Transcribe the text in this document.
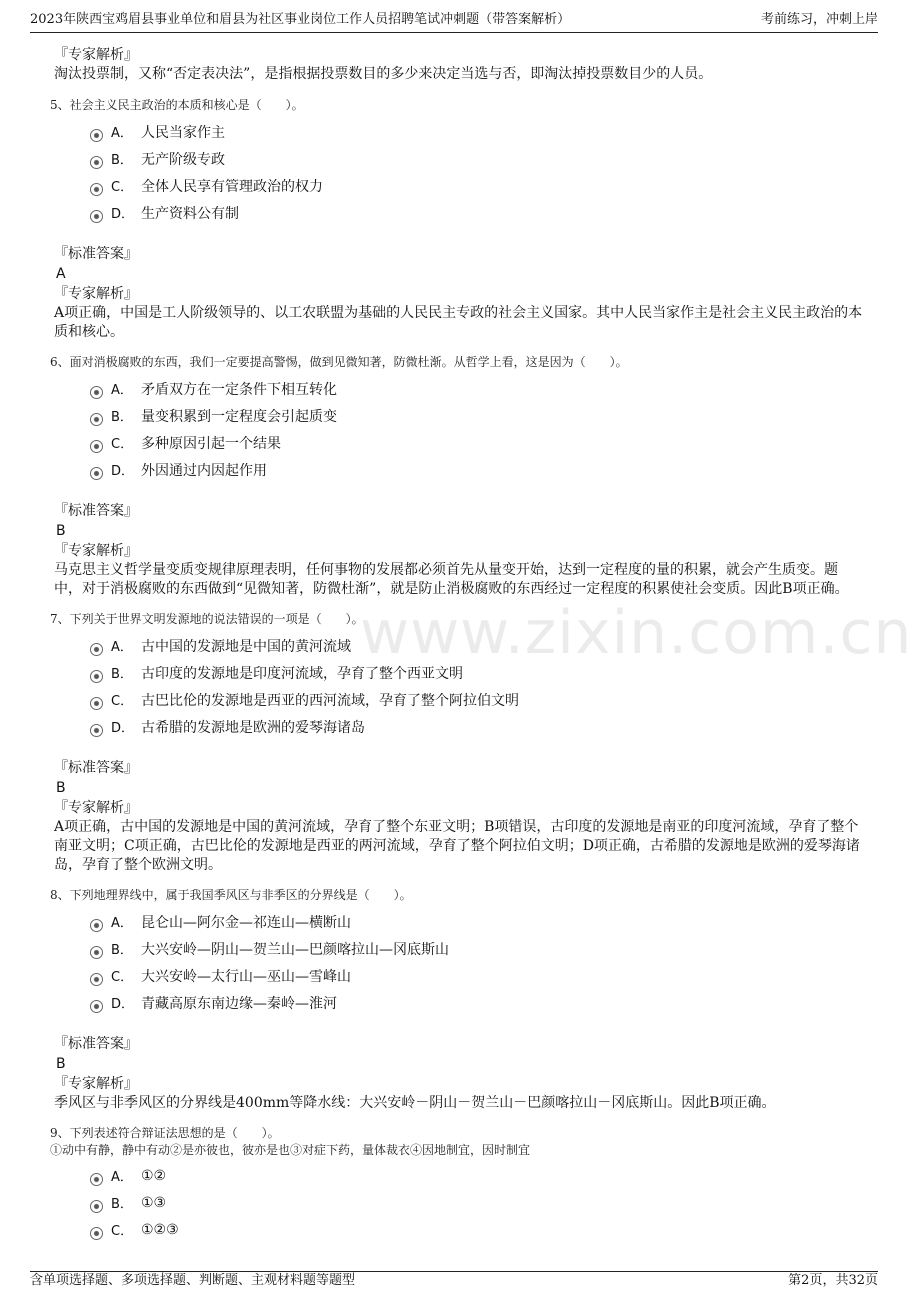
2023年陕西宝鸡眉县事业单位和眉县为社区事业岗位工作人员招聘笔试冲刺题（带答案解析）	考前练习，冲刺上岸
www.zixin.com.cn
『专家解析』
淘汰投票制，又称“否定表决法”，是指根据投票数目的多少来决定当选与否，即淘汰掉投票数目少的人员。
5、社会主义民主政治的本质和核心是（　　）。
A． 人民当家作主
B． 无产阶级专政
C． 全体人民享有管理政治的权力
D． 生产资料公有制
『标准答案』
A
『专家解析』
A项正确，中国是工人阶级领导的、以工农联盟为基础的人民民主专政的社会主义国家。其中人民当家作主是社会主义民主政治的本质和核心。
6、面对消极腐败的东西，我们一定要提高警惕，做到见微知著，防微杜渐。从哲学上看，这是因为（　　）。
A． 矛盾双方在一定条件下相互转化
B． 量变积累到一定程度会引起质变
C． 多种原因引起一个结果
D． 外因通过内因起作用
『标准答案』
B
『专家解析』
马克思主义哲学量变质变规律原理表明，任何事物的发展都必须首先从量变开始，达到一定程度的量的积累，就会产生质变。题中，对于消极腐败的东西做到“见微知著，防微杜渐”，就是防止消极腐败的东西经过一定程度的积累使社会变质。因此B项正确。
7、下列关于世界文明发源地的说法错误的一项是（　　）。
A． 古中国的发源地是中国的黄河流域
B． 古印度的发源地是印度河流域，孕育了整个西亚文明
C． 古巴比伦的发源地是西亚的西河流域，孕育了整个阿拉伯文明
D． 古希腊的发源地是欧洲的爱琴海诸岛
『标准答案』
B
『专家解析』
A项正确，古中国的发源地是中国的黄河流域，孕育了整个东亚文明；B项错误，古印度的发源地是南亚的印度河流域，孕育了整个南亚文明；C项正确，古巴比伦的发源地是西亚的两河流域，孕育了整个阿拉伯文明；D项正确，古希腊的发源地是欧洲的爱琴海诸岛，孕育了整个欧洲文明。
8、下列地理界线中，属于我国季风区与非季区的分界线是（　　）。
A． 昆仑山—阿尔金—祁连山—横断山
B． 大兴安岭—阴山—贺兰山—巴颜喀拉山—冈底斯山
C． 大兴安岭—太行山—巫山—雪峰山
D． 青藏高原东南边缘—秦岭—淮河
『标准答案』
B
『专家解析』
季风区与非季风区的分界线是400mm等降水线：大兴安岭－阴山－贺兰山－巴颜喀拉山－冈底斯山。因此B项正确。
9、下列表述符合辩证法思想的是（　　）。
①动中有静，静中有动②是亦彼也，彼亦是也③对症下药，量体裁衣④因地制宜，因时制宜
A． ①②
B． ①③
C． ①②③
含单项选择题、多项选择题、判断题、主观材料题等题型	第2页，共32页
